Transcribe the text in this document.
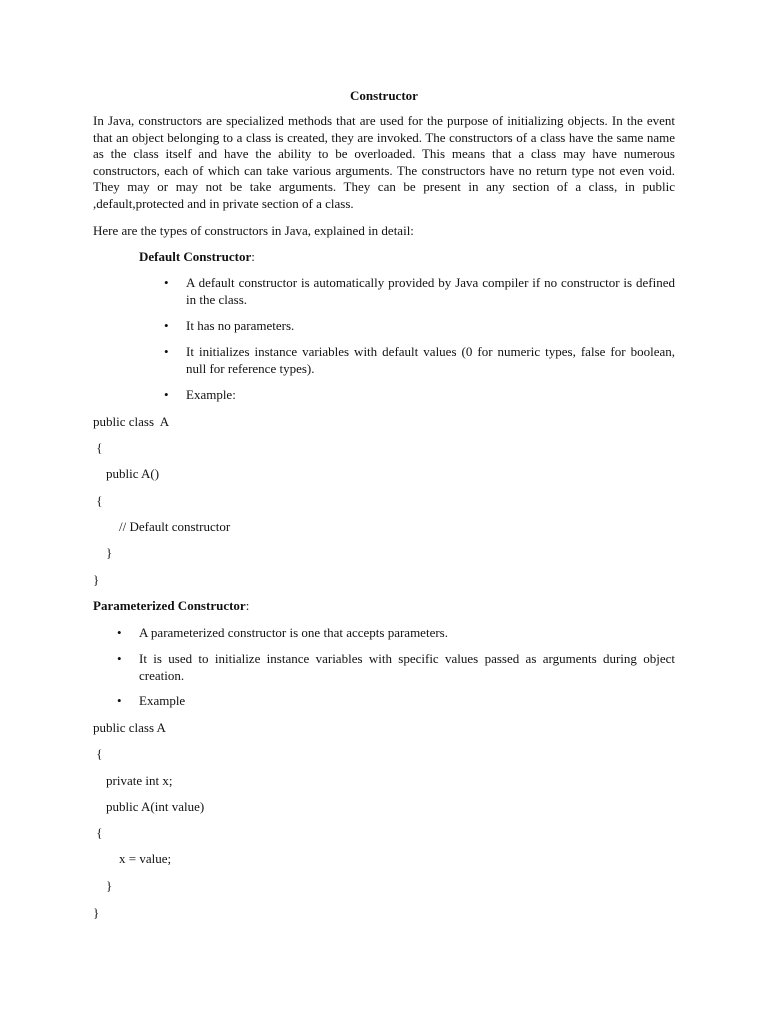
Constructor
In Java, constructors are specialized methods that are used for the purpose of initializing objects. In the event that an object belonging to a class is created, they are invoked. The constructors of a class have the same name as the class itself and have the ability to be overloaded. This means that a class may have numerous constructors, each of which can take various arguments. The constructors have no return type not even void. They may or may not be take arguments. They can be present in any section of a class, in public ,default,protected and in private section of a class.
Here are the types of constructors in Java, explained in detail:
Default Constructor:
• A default constructor is automatically provided by Java compiler if no constructor is defined in the class.
• It has no parameters.
• It initializes instance variables with default values (0 for numeric types, false for boolean, null for reference types).
• Example:
public class  A
{
public A()
{
// Default constructor
}
}
Parameterized Constructor:
• A parameterized constructor is one that accepts parameters.
• It is used to initialize instance variables with specific values passed as arguments during object creation.
• Example
public class A
{
private int x;
public A(int value)
{
x = value;
}
}
